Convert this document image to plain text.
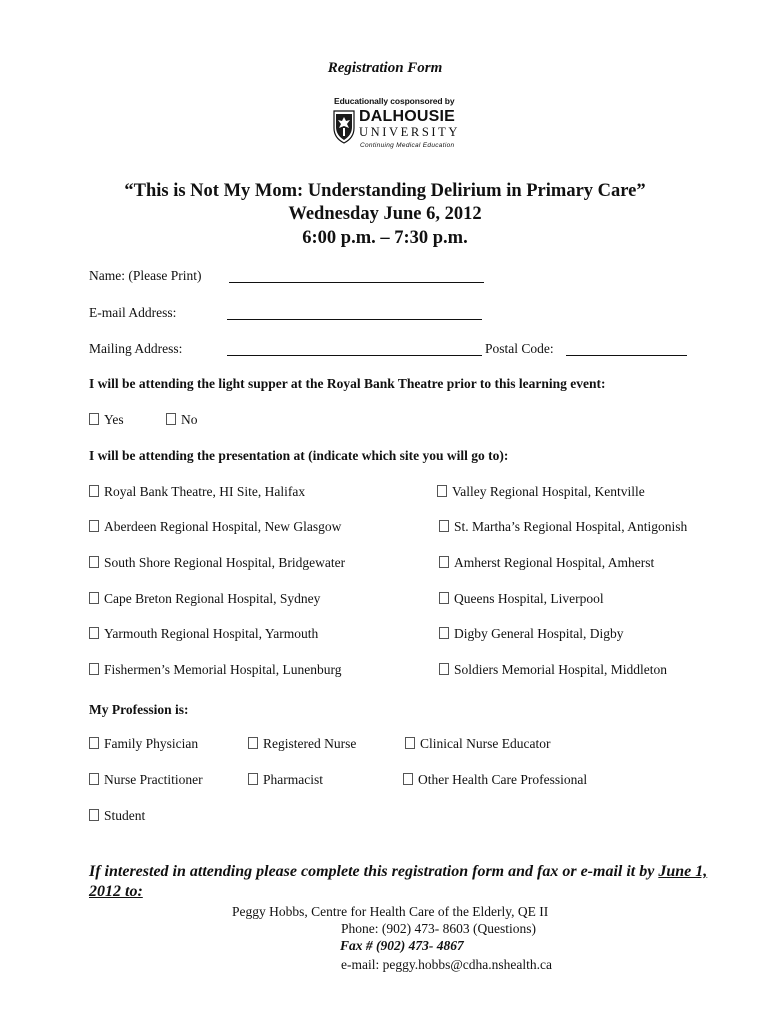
Registration Form
Educationally cosponsored by
DALHOUSIE
UNIVERSITY
Continuing Medical Education
“This is Not My Mom: Understanding Delirium in Primary Care”
Wednesday June 6, 2012
6:00 p.m. – 7:30 p.m.
Name: (Please Print)
E-mail Address:
Mailing Address:	Postal Code:
I will be attending the light supper at the Royal Bank Theatre prior to this learning event:
Yes	No
I will be attending the presentation at (indicate which site you will go to):
Royal Bank Theatre, HI Site, Halifax	Valley Regional Hospital, Kentville
Aberdeen Regional Hospital, New Glasgow	St. Martha’s Regional Hospital, Antigonish
South Shore Regional Hospital, Bridgewater	Amherst Regional Hospital, Amherst
Cape Breton Regional Hospital, Sydney	Queens Hospital, Liverpool
Yarmouth Regional Hospital, Yarmouth	Digby General Hospital, Digby
Fishermen’s Memorial Hospital, Lunenburg	Soldiers Memorial Hospital, Middleton
My Profession is:
Family Physician	Registered Nurse	Clinical Nurse Educator
Nurse Practitioner	Pharmacist	Other Health Care Professional
Student
If interested in attending please complete this registration form and fax or e-mail it by June 1, 2012 to:
Peggy Hobbs, Centre for Health Care of the Elderly, QE II
Phone: (902) 473- 8603 (Questions)
Fax # (902) 473- 4867
e-mail: peggy.hobbs@cdha.nshealth.ca
